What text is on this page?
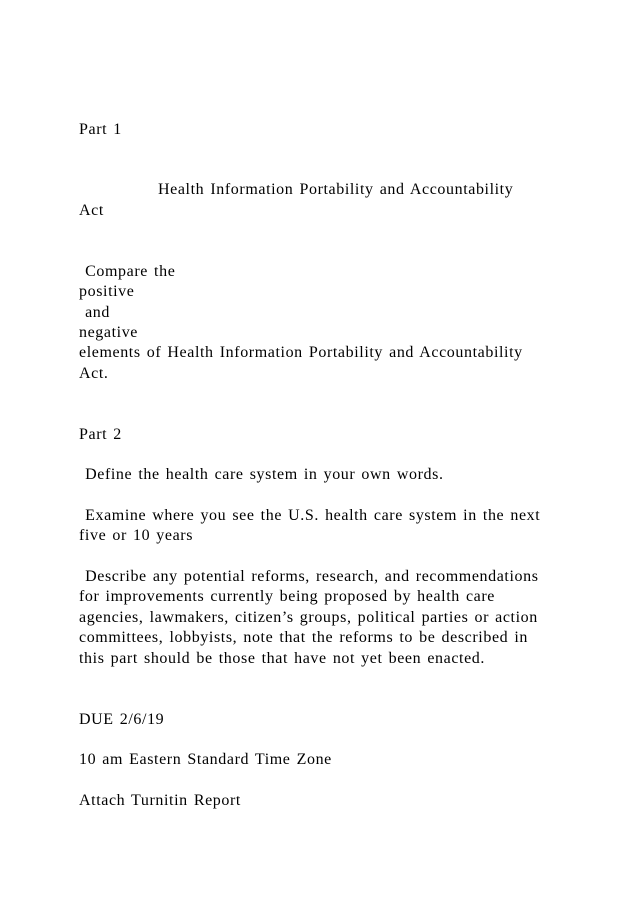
Part 1
Health Information Portability and Accountability
Act
Compare the
positive
and
negative
elements of Health Information Portability and Accountability
Act.
Part 2
Define the health care system in your own words.
Examine where you see the U.S. health care system in the next
five or 10 years
Describe any potential reforms, research, and recommendations
for improvements currently being proposed by health care
agencies, lawmakers, citizen’s groups, political parties or action
committees, lobbyists, note that the reforms to be described in
this part should be those that have not yet been enacted.
DUE 2/6/19
10 am Eastern Standard Time Zone
Attach Turnitin Report
